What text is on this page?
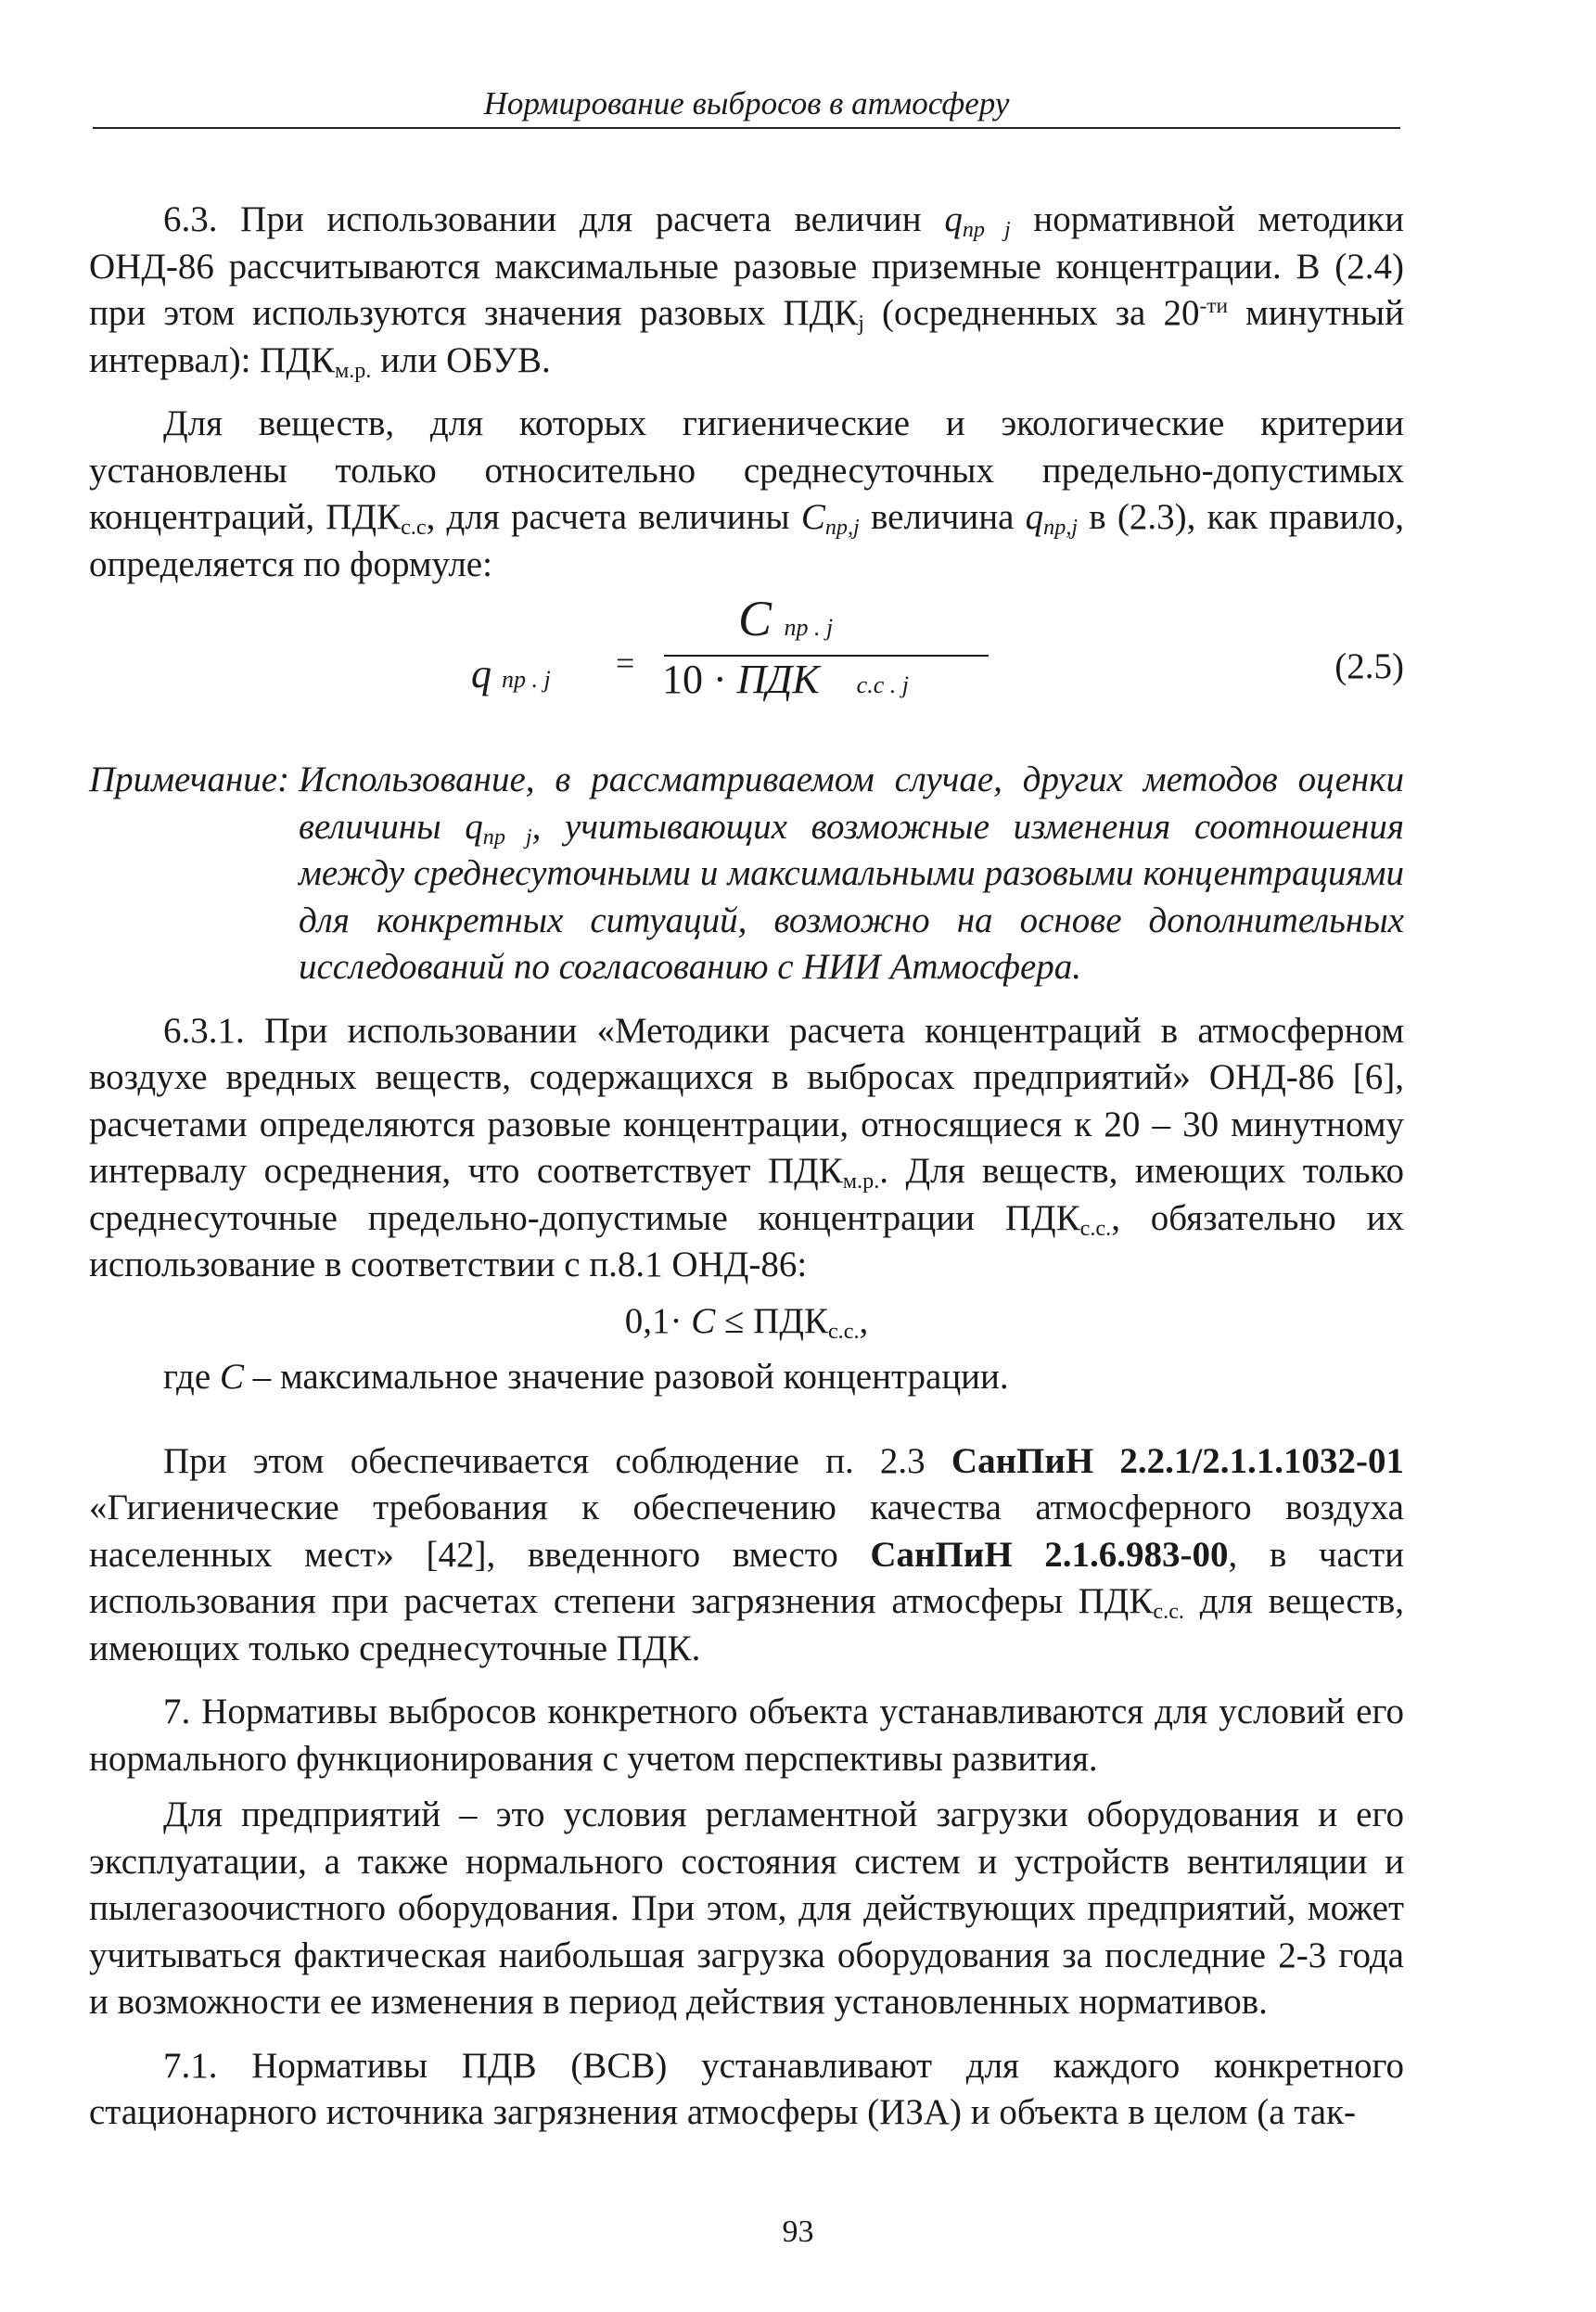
Нормирование выбросов в атмосферу

6.3. При использовании для расчета величин $q_{пр j}$ нормативной методики ОНД-86 рассчитываются максимальные разовые приземные концентрации. В (2.4) при этом используются значения разовых $ПДК_j$ (осредненных за $20^{-ти}$ минутный интервал): $ПДК_{м.р.}$ или ОБУВ.

Для веществ, для которых гигиенические и экологические критерии установлены только относительно среднесуточных предельно-допустимых концентраций, $ПДК_{с.с}$, для расчета величины $C_{пр,j}$ величина $q_{пр,j}$ в (2.3), как правило, определяется по формуле:

q пр . j =
C пр . j
10 · ПДК с.с . j	(2.5)
Примечание: Использование, в рассматриваемом случае, других методов оценки величины $q_{пр j}$, учитывающих возможные изменения соотношения между среднесуточными и максимальными разовыми концентрациями для конкретных ситуаций, возможно на основе дополнительных исследований по согласованию с НИИ Атмосфера.

6.3.1. При использовании «Методики расчета концентраций в атмосферном воздухе вредных веществ, содержащихся в выбросах предприятий» ОНД-86 [6], расчетами определяются разовые концентрации, относящиеся к 20 – 30 минутному интервалу осреднения, что соответствует $ПДК_{м.р.}$. Для веществ, имеющих только среднесуточные предельно-допустимые концентрации $ПДК_{с.с.}$, обязательно их использование в соответствии с п.8.1 ОНД-86:

$0,1\cdot C \le ПДК_{с.с.}$,

где C – максимальное значение разовой концентрации.

При этом обеспечивается соблюдение п. 2.3 СанПиН 2.2.1/2.1.1.1032-01 «Гигиенические требования к обеспечению качества атмосферного воздуха населенных мест» [42], введенного вместо СанПиН 2.1.6.983-00, в части использования при расчетах степени загрязнения атмосферы $ПДК_{с.с.}$ для веществ, имеющих только среднесуточные ПДК.

7. Нормативы выбросов конкретного объекта устанавливаются для условий его нормального функционирования с учетом перспективы развития.

Для предприятий – это условия регламентной загрузки оборудования и его эксплуатации, а также нормального состояния систем и устройств вентиляции и пылегазоочистного оборудования. При этом, для действующих предприятий, может учитываться фактическая наибольшая загрузка оборудования за последние 2-3 года и возможности ее изменения в период действия установленных нормативов.

7.1. Нормативы ПДВ (ВСВ) устанавливают для каждого конкретного стационарного источника загрязнения атмосферы (ИЗА) и объекта в целом (а так-

93
